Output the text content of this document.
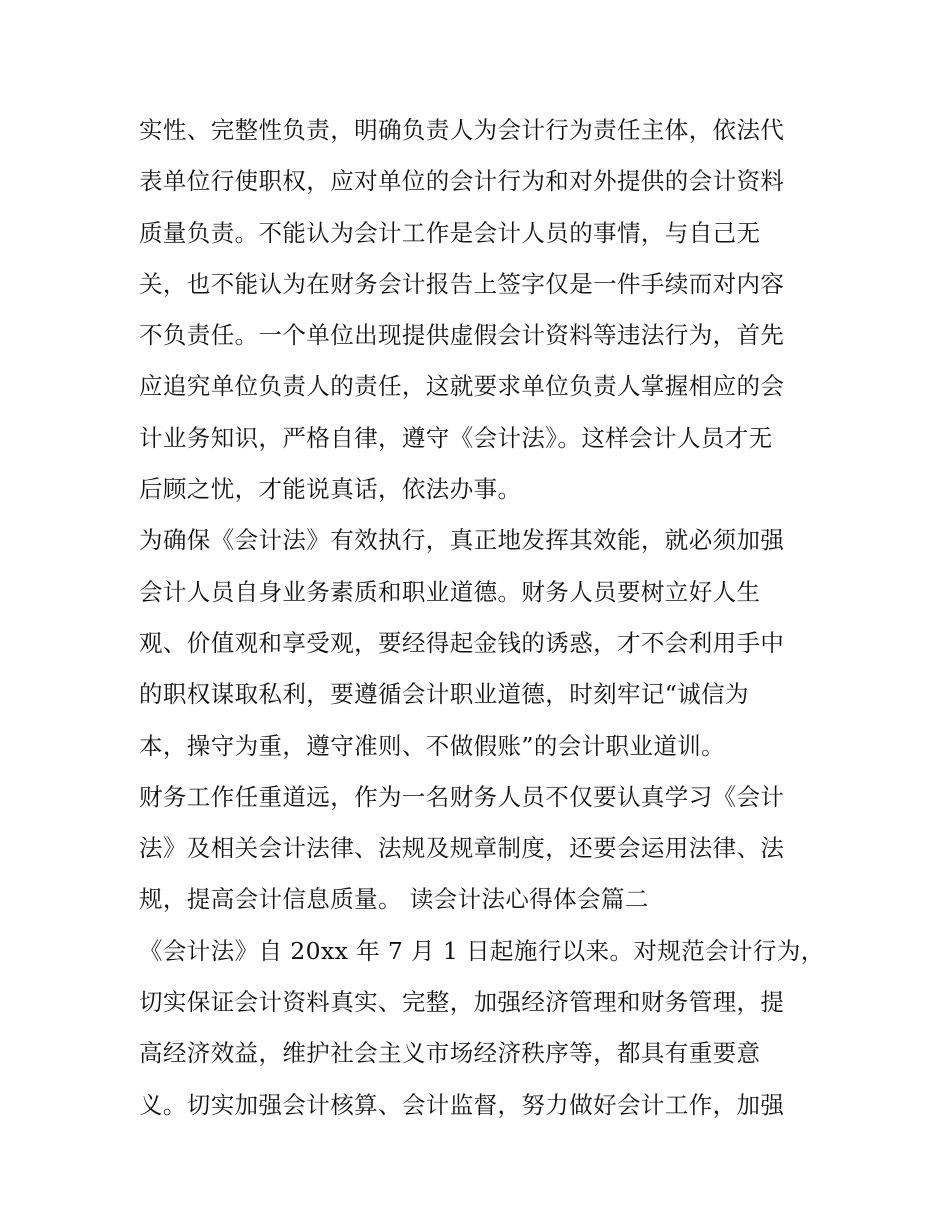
实性、完整性负责，明确负责人为会计行为责任主体，依法代
表单位行使职权，应对单位的会计行为和对外提供的会计资料
质量负责。不能认为会计工作是会计人员的事情，与自己无
关，也不能认为在财务会计报告上签字仅是一件手续而对内容
不负责任。一个单位出现提供虚假会计资料等违法行为，首先
应追究单位负责人的责任，这就要求单位负责人掌握相应的会
计业务知识，严格自律，遵守《会计法》。这样会计人员才无
后顾之忧，才能说真话，依法办事。
为确保《会计法》有效执行，真正地发挥其效能，就必须加强
会计人员自身业务素质和职业道德。财务人员要树立好人生
观、价值观和享受观，要经得起金钱的诱惑，才不会利用手中
的职权谋取私利，要遵循会计职业道德，时刻牢记“诚信为
本，操守为重，遵守准则、不做假账”的会计职业道训。
财务工作任重道远，作为一名财务人员不仅要认真学习《会计
法》及相关会计法律、法规及规章制度，还要会运用法律、法
规，提高会计信息质量。 读会计法心得体会篇二
《会计法》自 20xx 年 7 月 1 日起施行以来。对规范会计行为，
切实保证会计资料真实、完整，加强经济管理和财务管理，提
高经济效益，维护社会主义市场经济秩序等，都具有重要意
义。切实加强会计核算、会计监督，努力做好会计工作，加强
